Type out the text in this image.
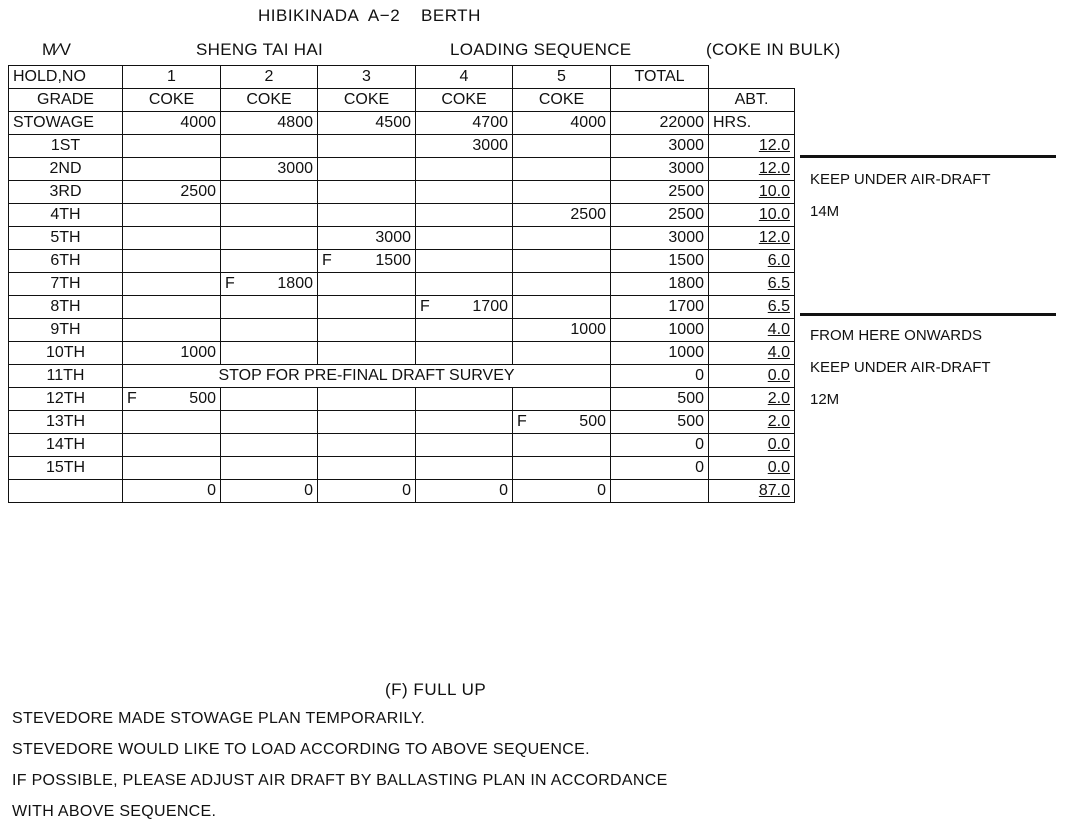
HIBIKINADA  A−2    BERTH
M∕V	SHENG TAI HAI	LOADING SEQUENCE	(COKE IN BULK)
HOLD,NO	1	2	3	4	5	TOTAL	
GRADE	COKE	COKE	COKE	COKE	COKE		ABT.
STOWAGE	4000	4800	4500	4700	4000	22000	HRS.
1ST				3000		3000	12.0
2ND		3000				3000	12.0
3RD	2500					2500	10.0
4TH					2500	2500	10.0
5TH			3000			3000	12.0
6TH			F 1500			1500	6.0
7TH		F 1800				1800	6.5
8TH				F 1700		1700	6.5
9TH					1000	1000	4.0
10TH	1000					1000	4.0
11TH	STOP FOR PRE-FINAL DRAFT SURVEY					0	0.0
12TH	F 500					500	2.0
13TH					F 500	500	2.0
14TH						0	0.0
15TH						0	0.0
	0	0	0	0	0		87.0
KEEP UNDER AIR-DRAFT
14M
FROM HERE ONWARDS
KEEP UNDER AIR-DRAFT
12M
(F) FULL UP
STEVEDORE MADE STOWAGE PLAN TEMPORARILY.
STEVEDORE WOULD LIKE TO LOAD ACCORDING TO ABOVE SEQUENCE.
IF POSSIBLE, PLEASE ADJUST AIR DRAFT BY BALLASTING PLAN IN ACCORDANCE
WITH ABOVE SEQUENCE.
